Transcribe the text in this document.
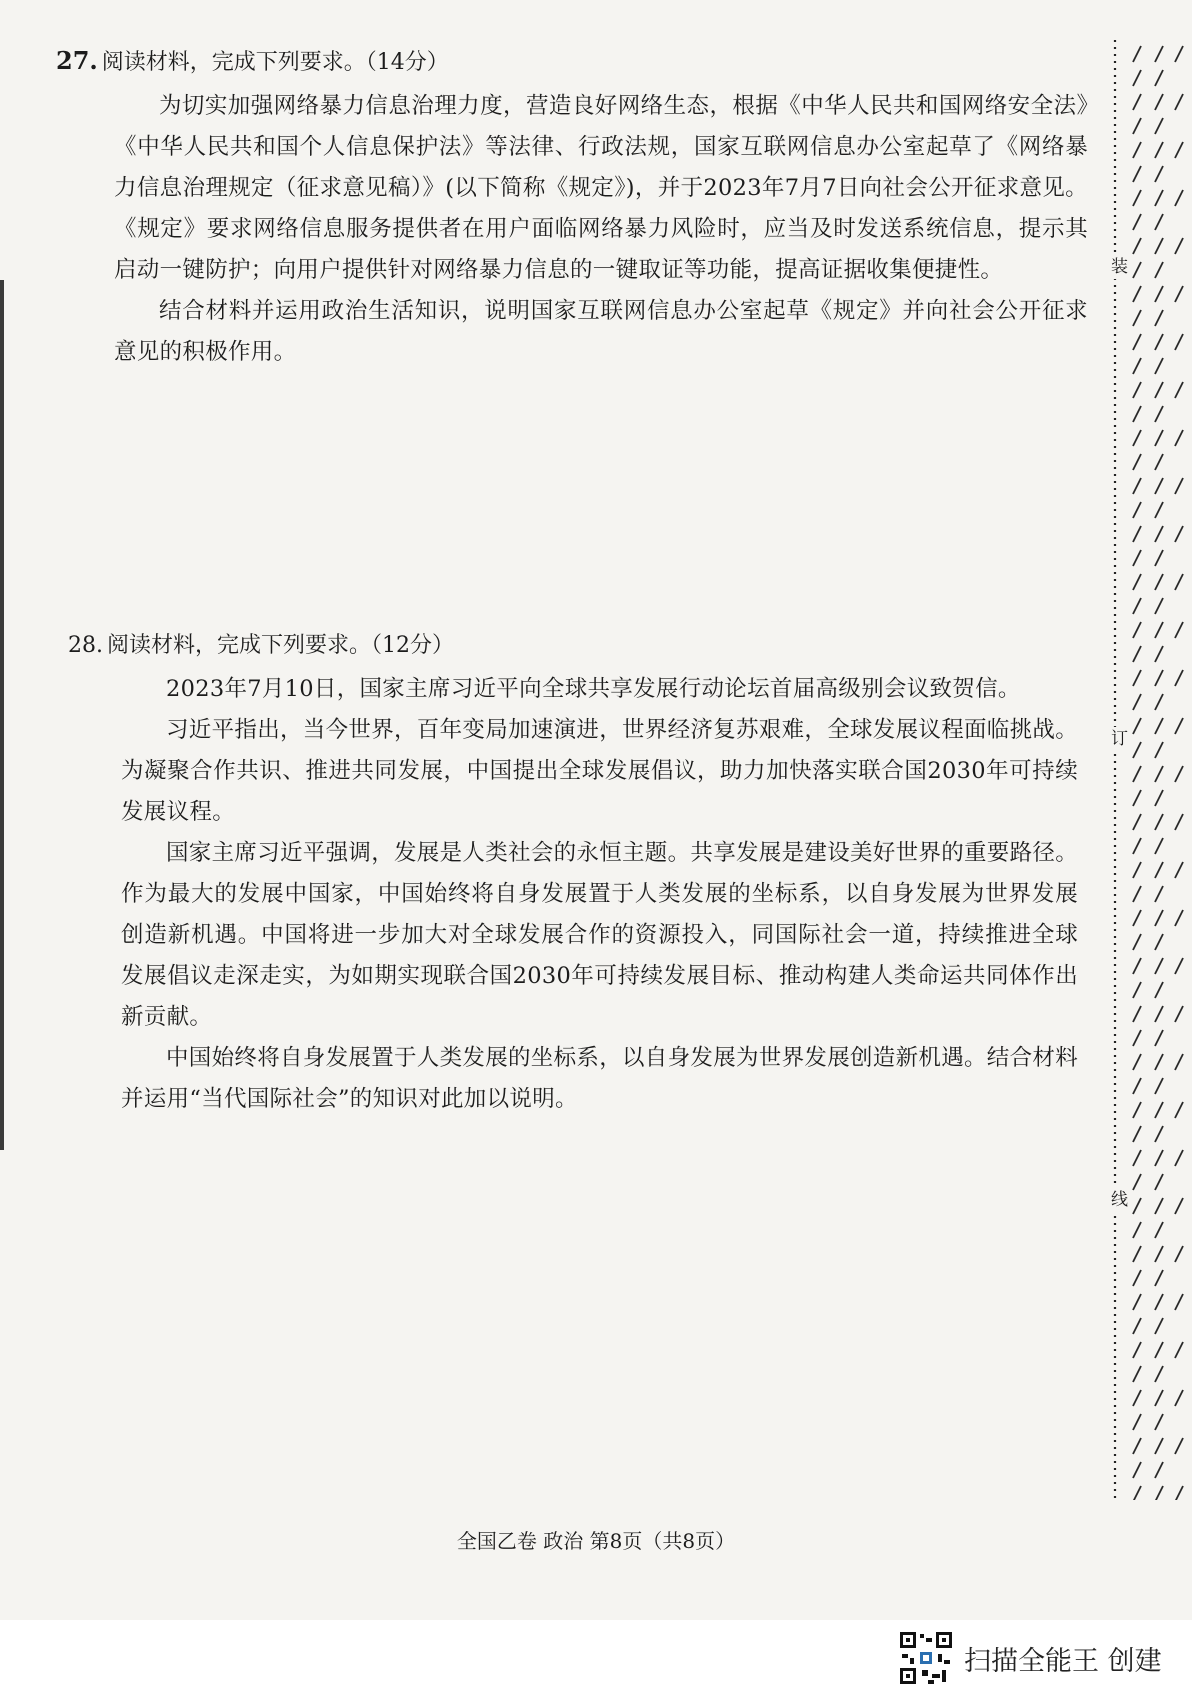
27. 阅读材料，完成下列要求。（14分）

为切实加强网络暴力信息治理力度，营造良好网络生态，根据《中华人民共和国网络安全法》《中华人民共和国个人信息保护法》等法律、行政法规，国家互联网信息办公室起草了《网络暴力信息治理规定（征求意见稿）》(以下简称《规定》)，并于2023年7月7日向社会公开征求意见。《规定》要求网络信息服务提供者在用户面临网络暴力风险时，应当及时发送系统信息，提示其启动一键防护；向用户提供针对网络暴力信息的一键取证等功能，提高证据收集便捷性。

结合材料并运用政治生活知识，说明国家互联网信息办公室起草《规定》并向社会公开征求意见的积极作用。

28. 阅读材料，完成下列要求。（12分）

2023年7月10日，国家主席习近平向全球共享发展行动论坛首届高级别会议致贺信。

习近平指出，当今世界，百年变局加速演进，世界经济复苏艰难，全球发展议程面临挑战。为凝聚合作共识、推进共同发展，中国提出全球发展倡议，助力加快落实联合国2030年可持续发展议程。

国家主席习近平强调，发展是人类社会的永恒主题。共享发展是建设美好世界的重要路径。作为最大的发展中国家，中国始终将自身发展置于人类发展的坐标系，以自身发展为世界发展创造新机遇。中国将进一步加大对全球发展合作的资源投入，同国际社会一道，持续推进全球发展倡议走深走实，为如期实现联合国2030年可持续发展目标、推动构建人类命运共同体作出新贡献。

中国始终将自身发展置于人类发展的坐标系，以自身发展为世界发展创造新机遇。结合材料并运用“当代国际社会”的知识对此加以说明。

装
订
线
全国乙卷 政治 第8页（共8页）
扫描全能王 创建
